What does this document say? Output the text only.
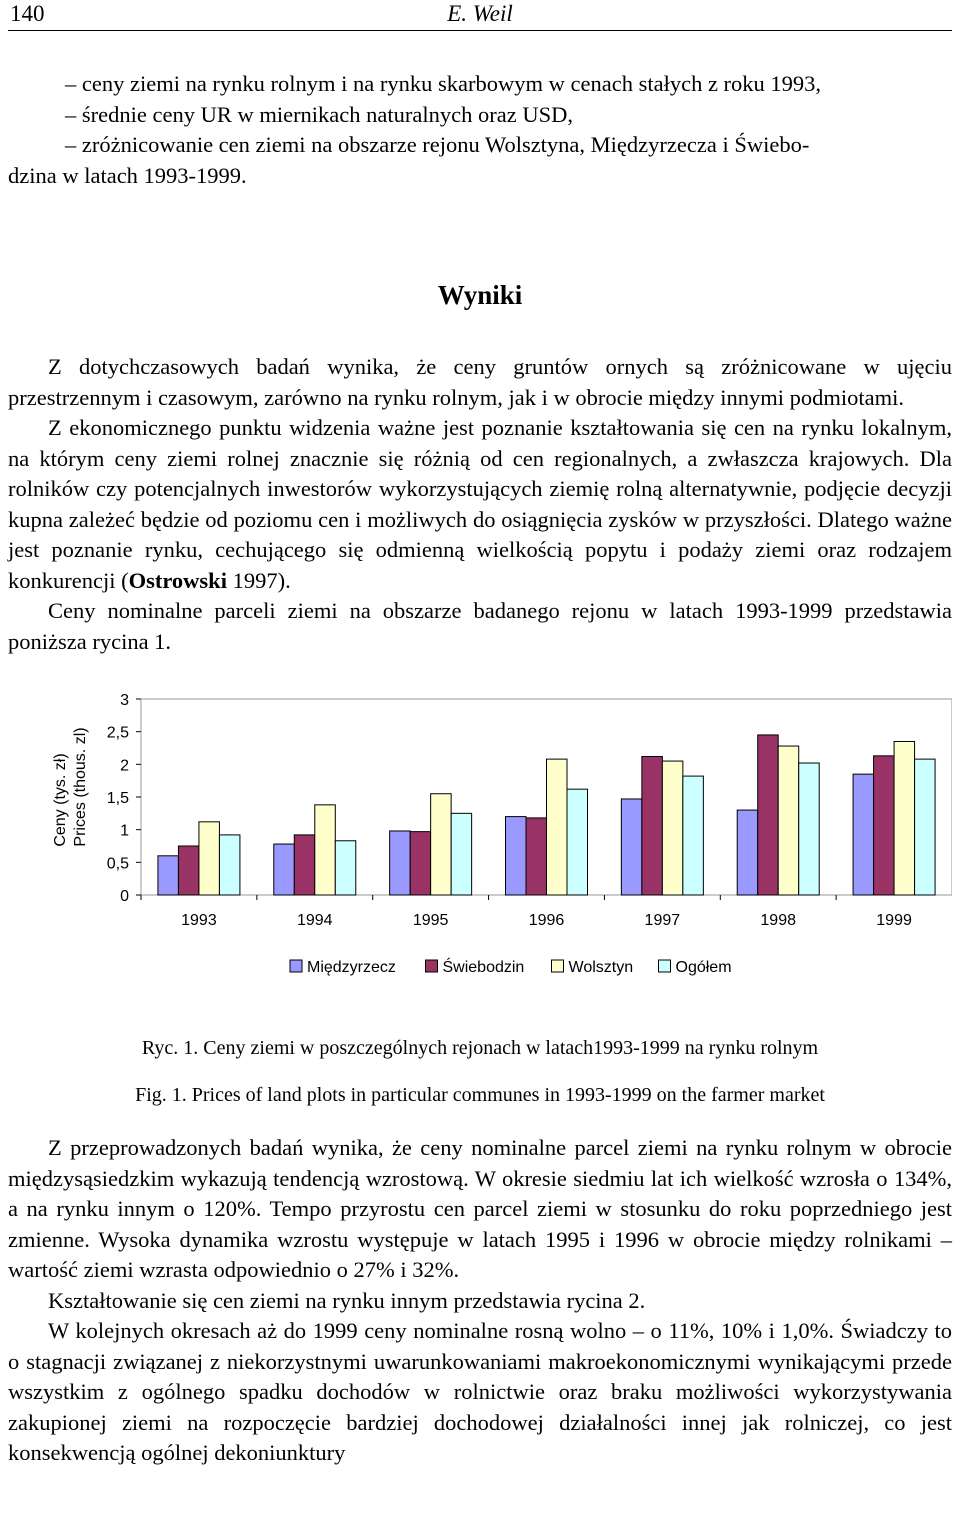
140	E. Weil

– ceny ziemi na rynku rolnym i na rynku skarbowym w cenach stałych z roku 1993,

– średnie ceny UR w miernikach naturalnych oraz USD,

– zróżnicowanie cen ziemi na obszarze rejonu Wolsztyna, Międzyrzecza i Świebo-

dzina w latach 1993-1999.

Wyniki

Z dotychczasowych badań wynika, że ceny gruntów ornych są zróżnicowane w ujęciu przestrzennym i czasowym, zarówno na rynku rolnym, jak i w obrocie między innymi podmiotami.

Z ekonomicznego punktu widzenia ważne jest poznanie kształtowania się cen na rynku lokalnym, na którym ceny ziemi rolnej znacznie się różnią od cen regionalnych, a zwłaszcza krajowych. Dla rolników czy potencjalnych inwestorów wykorzystujących ziemię rolną alternatywnie, podjęcie decyzji kupna zależeć będzie od poziomu cen i możliwych do osiągnięcia zysków w przyszłości. Dlatego ważne jest poznanie rynku, cechującego się odmienną wielkością popytu i podaży ziemi oraz rodzajem konkurencji (Ostrowski 1997).

Ceny nominalne parceli ziemi na obszarze badanego rejonu w latach 1993-1999 przedstawia poniższa rycina 1.

0
0,5
1
1,5
2
2,5
3
Ceny (tys. zł) Prices (thous. zl)
1993	1994	1995	1996	1997	1998	1999
Międzyrzecz	Świebodzin	Wolsztyn	Ogółem

Ryc. 1. Ceny ziemi w poszczególnych rejonach w latach1993-1999 na rynku rolnym

Fig. 1. Prices of land plots in particular communes in 1993-1999 on the farmer market

Z przeprowadzonych badań wynika, że ceny nominalne parcel ziemi na rynku rolnym w obrocie międzysąsiedzkim wykazują tendencją wzrostową. W okresie siedmiu lat ich wielkość wzrosła o 134%, a na rynku innym o 120%. Tempo przyrostu cen parcel ziemi w stosunku do roku poprzedniego jest zmienne. Wysoka dynamika wzrostu występuje w latach 1995 i 1996 w obrocie między rolnikami – wartość ziemi wzrasta odpowiednio o 27% i 32%.

Kształtowanie się cen ziemi na rynku innym przedstawia rycina 2.

W kolejnych okresach aż do 1999 ceny nominalne rosną wolno – o 11%, 10% i 1,0%. Świadczy to o stagnacji związanej z niekorzystnymi uwarunkowaniami makroekonomicznymi wynikającymi przede wszystkim z ogólnego spadku dochodów w rolnictwie oraz braku możliwości wykorzystywania zakupionej ziemi na rozpoczęcie bardziej dochodowej działalności innej jak rolniczej, co jest konsekwencją ogólnej dekoniunktury
